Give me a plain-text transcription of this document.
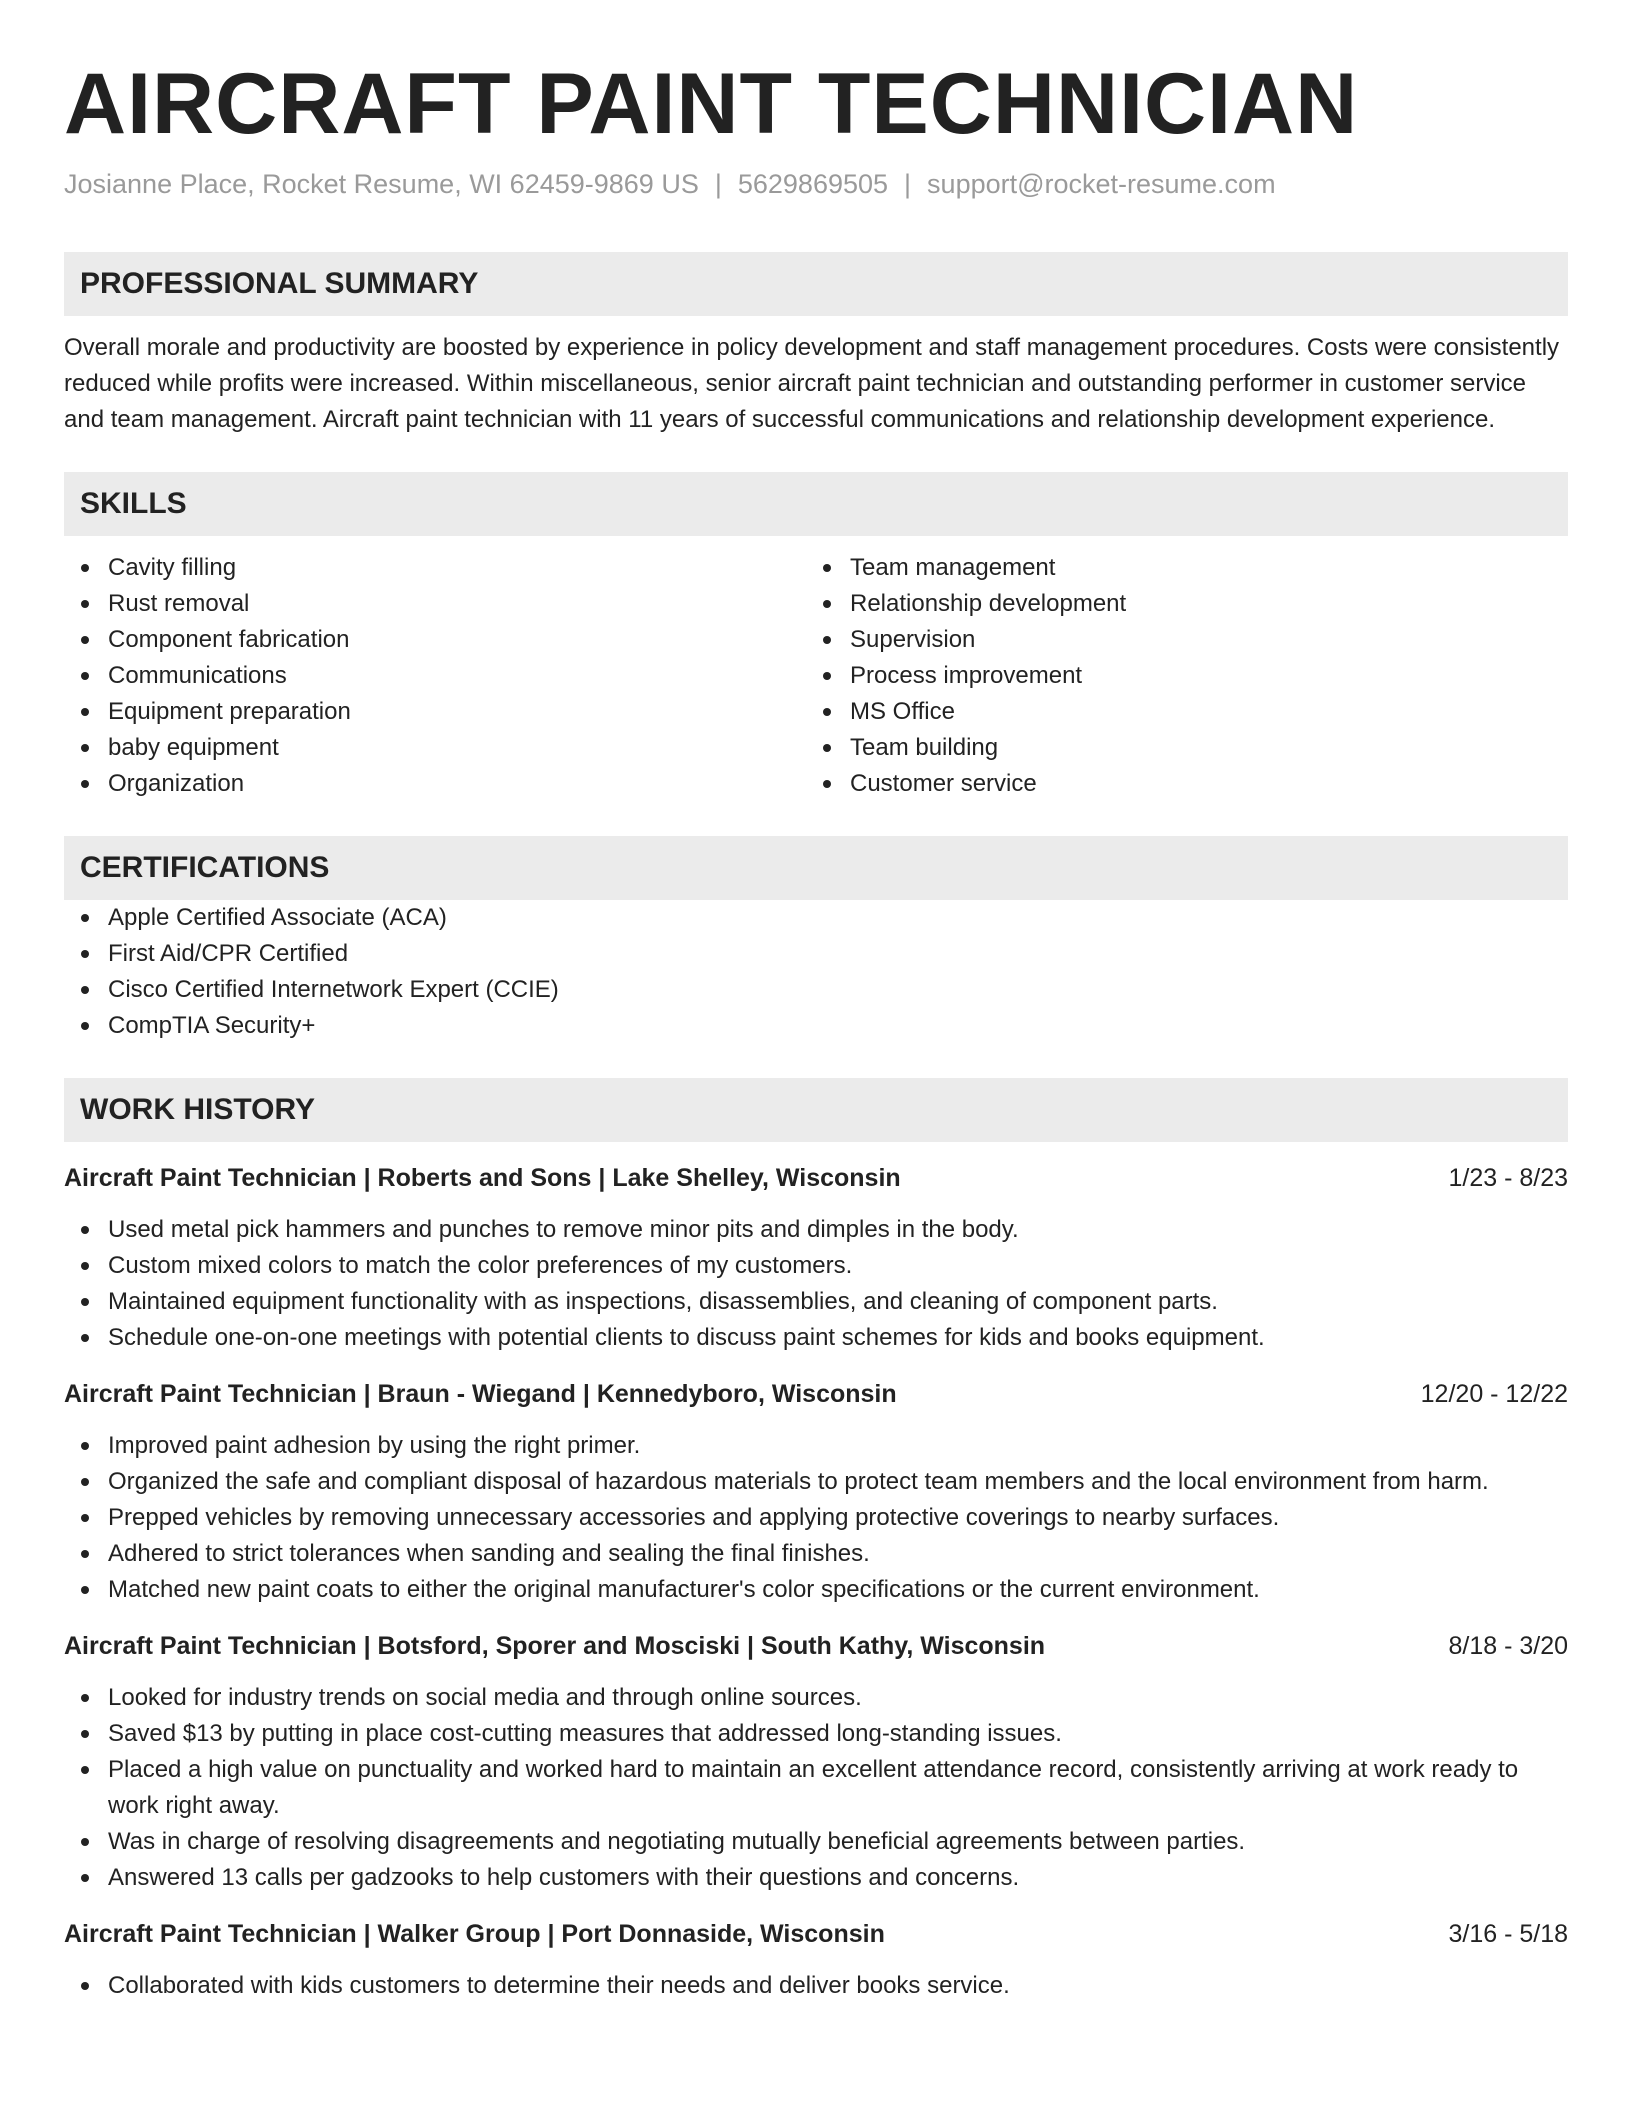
AIRCRAFT PAINT TECHNICIAN
Josianne Place, Rocket Resume, WI 62459-9869 US | 5629869505 | support@rocket-resume.com
PROFESSIONAL SUMMARY

Overall morale and productivity are boosted by experience in policy development and staff management procedures. Costs were consistently reduced while profits were increased. Within miscellaneous, senior aircraft paint technician and outstanding performer in customer service and team management. Aircraft paint technician with 11 years of successful communications and relationship development experience.

SKILLS
Cavity filling
Rust removal
Component fabrication
Communications
Equipment preparation
baby equipment
Organization
Team management
Relationship development
Supervision
Process improvement
MS Office
Team building
Customer service
CERTIFICATIONS
Apple Certified Associate (ACA)
First Aid/CPR Certified
Cisco Certified Internetwork Expert (CCIE)
CompTIA Security+
WORK HISTORY
Aircraft Paint Technician | Roberts and Sons | Lake Shelley, Wisconsin	1/23 - 8/23
Used metal pick hammers and punches to remove minor pits and dimples in the body.
Custom mixed colors to match the color preferences of my customers.
Maintained equipment functionality with as inspections, disassemblies, and cleaning of component parts.
Schedule one-on-one meetings with potential clients to discuss paint schemes for kids and books equipment.
Aircraft Paint Technician | Braun - Wiegand | Kennedyboro, Wisconsin	12/20 - 12/22
Improved paint adhesion by using the right primer.
Organized the safe and compliant disposal of hazardous materials to protect team members and the local environment from harm.
Prepped vehicles by removing unnecessary accessories and applying protective coverings to nearby surfaces.
Adhered to strict tolerances when sanding and sealing the final finishes.
Matched new paint coats to either the original manufacturer's color specifications or the current environment.
Aircraft Paint Technician | Botsford, Sporer and Mosciski | South Kathy, Wisconsin	8/18 - 3/20
Looked for industry trends on social media and through online sources.
Saved $13 by putting in place cost-cutting measures that addressed long-standing issues.
Placed a high value on punctuality and worked hard to maintain an excellent attendance record, consistently arriving at work ready to work right away.
Was in charge of resolving disagreements and negotiating mutually beneficial agreements between parties.
Answered 13 calls per gadzooks to help customers with their questions and concerns.
Aircraft Paint Technician | Walker Group | Port Donnaside, Wisconsin	3/16 - 5/18
Collaborated with kids customers to determine their needs and deliver books service.
